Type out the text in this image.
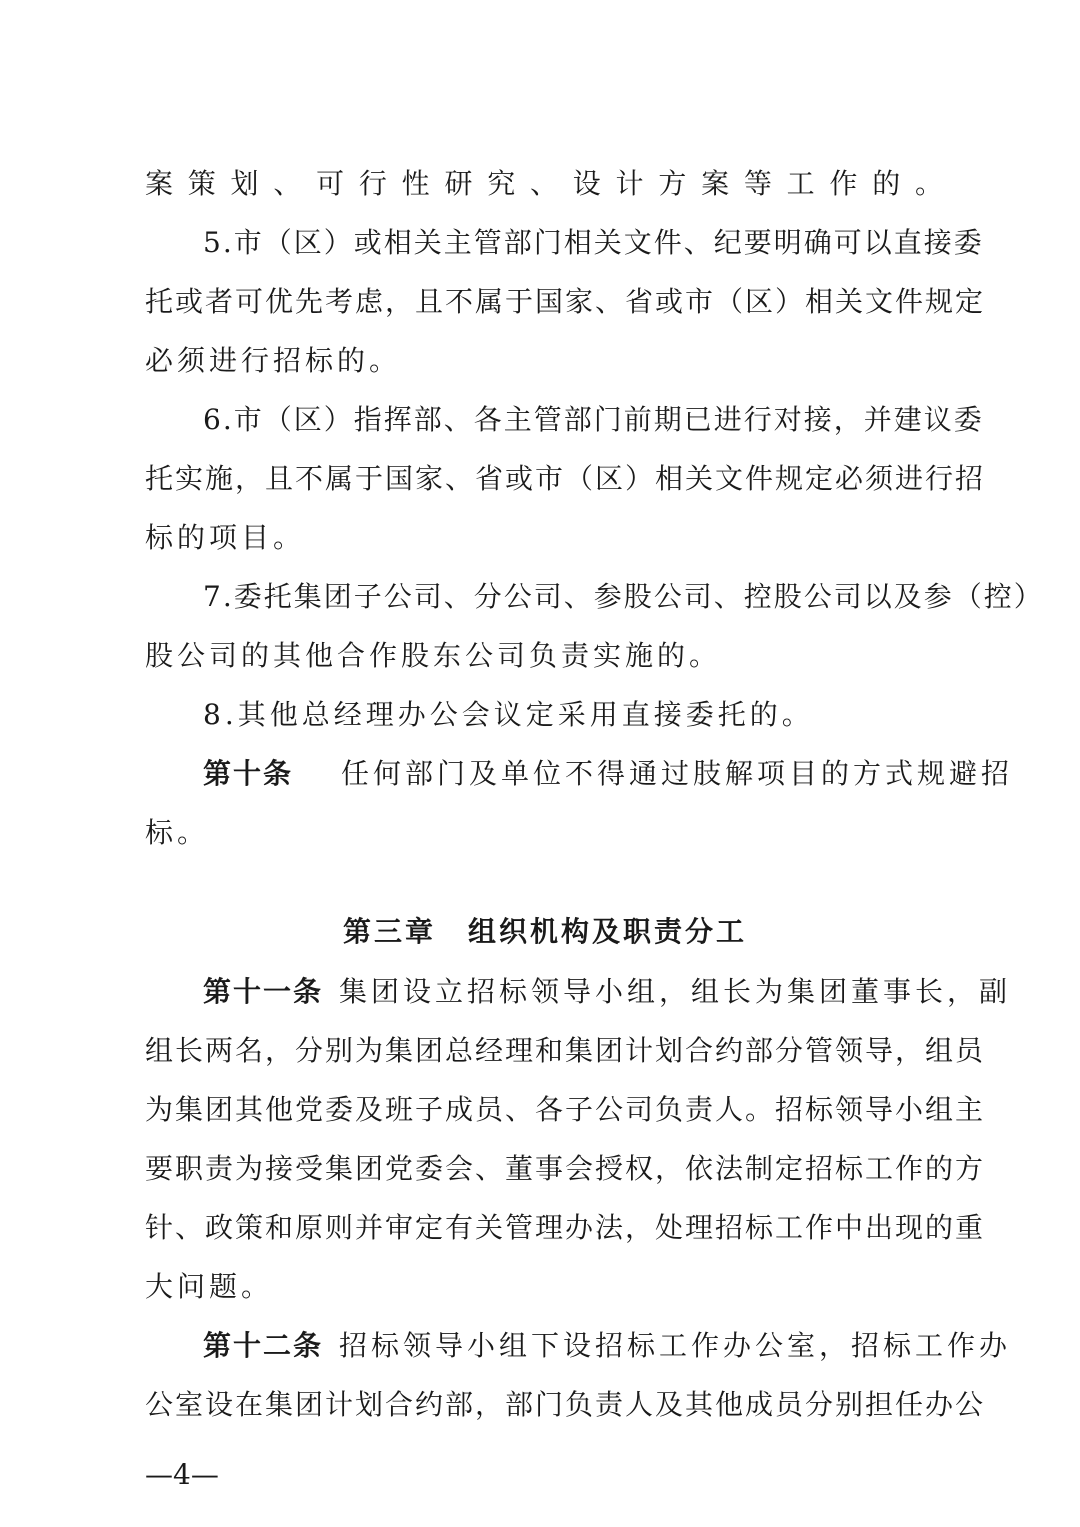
案策划、可行性研究、设计方案等工作的。
5.市（区）或相关主管部门相关文件、纪要明确可以直接委
托或者可优先考虑，且不属于国家、省或市（区）相关文件规定
必须进行招标的。
6.市（区）指挥部、各主管部门前期已进行对接，并建议委
托实施，且不属于国家、省或市（区）相关文件规定必须进行招
标的项目。
7.委托集团子公司、分公司、参股公司、控股公司以及参（控）
股公司的其他合作股东公司负责实施的。
8.其他总经理办公会议定采用直接委托的。
第十条 任何部门及单位不得通过肢解项目的方式规避招
标。
第三章 组织机构及职责分工
第十一条 集团设立招标领导小组，组长为集团董事长，副
组长两名，分别为集团总经理和集团计划合约部分管领导，组员
为集团其他党委及班子成员、各子公司负责人。招标领导小组主
要职责为接受集团党委会、董事会授权，依法制定招标工作的方
针、政策和原则并审定有关管理办法，处理招标工作中出现的重
大问题。
第十二条 招标领导小组下设招标工作办公室，招标工作办
公室设在集团计划合约部，部门负责人及其他成员分别担任办公
—4—
